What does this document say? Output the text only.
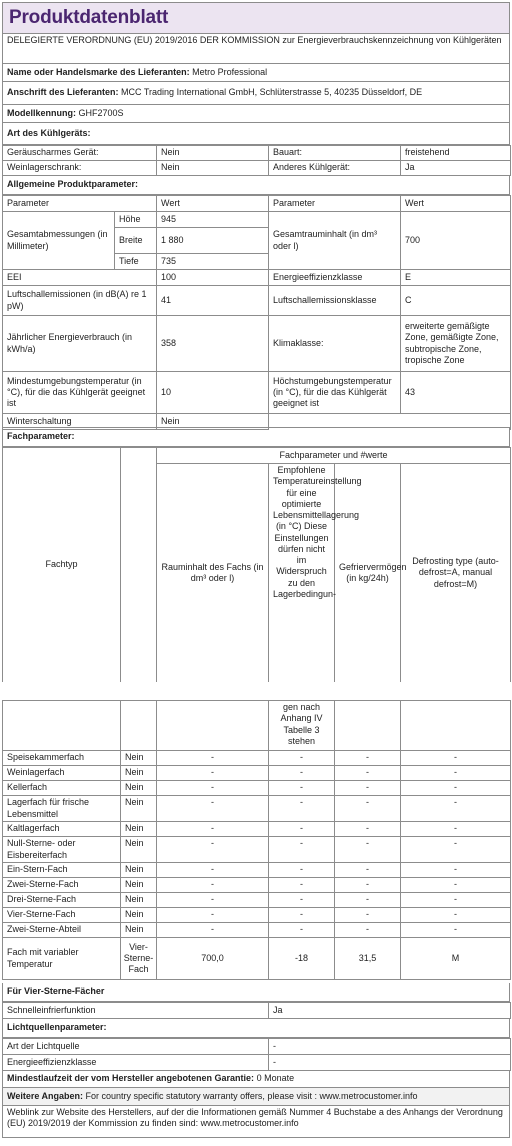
Produktdatenblatt
DELEGIERTE VERORDNUNG (EU) 2019/2016 DER KOMMISSION zur Energieverbrauchskennzeichnung von Kühlgeräten
Name oder Handelsmarke des Lieferanten:
Metro Professional
Anschrift des Lieferanten:
MCC Trading International GmbH, Schlüterstrasse 5, 40235 Düsseldorf, DE
Modellkennung:
GHF2700S
Art des Kühlgeräts:
Geräuscharmes Gerät:	Nein	Bauart:	freistehend
Weinlagerschrank:	Nein	Anderes Kühlgerät:	Ja
Allgemeine Produktparameter:
Parameter		Wert	Parameter	Wert
Gesamtabmessungen (in Millimeter)	Höhe	945	Gesamtrauminhalt (in dm³ oder l)	700
	Breite	1 880		
	Tiefe	735		
EEI		100	Energieeffizienzklasse	E
Luftschallemissionen (in dB(A) re 1 pW)		41	Luftschallemissionsklasse	C
Jährlicher Energieverbrauch (in kWh/a)		358	Klimaklasse:	erweiterte gemäßigte Zone, gemäßigte Zone, subtropische Zone, tropische Zone
Mindestumgebungstemperatur (in °C), für die das Kühlgerät geeignet ist		10	Höchstumgebungstemperatur (in °C), für die das Kühlgerät geeignet ist	43
Winterschaltung		Nein		
Fachparameter:
Fachtyp		Fachparameter und #werte			
		Rauminhalt des Fachs (in dm³ oder l)	Empfohlene Temperatureinstellung für eine optimierte Lebensmittellagerung (in °C) Diese Einstellungen dürfen nicht im Widerspruch zu den Lagerbedingun-	Gefriervermögen (in kg/24h)	Defrosting type (auto-defrost=A, manual defrost=M)
			gen nach Anhang IV Tabelle 3 stehen		
Speisekammerfach	Nein	-	-	-	-
Weinlagerfach	Nein	-	-	-	-
Kellerfach	Nein	-	-	-	-
Lagerfach für frische Lebensmittel	Nein	-	-	-	-
Kaltlagerfach	Nein	-	-	-	-
Null-Sterne- oder Eisbereiterfach	Nein	-	-	-	-
Ein-Stern-Fach	Nein	-	-	-	-
Zwei-Sterne-Fach	Nein	-	-	-	-
Drei-Sterne-Fach	Nein	-	-	-	-
Vier-Sterne-Fach	Nein	-	-	-	-
Zwei-Sterne-Abteil	Nein	-	-	-	-
Fach mit variabler Temperatur	Vier-Sterne-Fach	700,0	-18	31,5	M
Für Vier-Sterne-Fächer
Schnelleinfrierfunktion	Ja
Lichtquellenparameter:
Art der Lichtquelle	-
Energieeffizienzklasse	-
Mindestlaufzeit der vom Hersteller angebotenen Garantie:
0 Monate
Weitere Angaben:
For country specific statutory warranty offers, please visit : www.metrocustomer.info
Weblink zur Website des Herstellers, auf der die Informationen gemäß Nummer 4 Buchstabe a des Anhangs der Verordnung (EU) 2019/2019 der Kommission zu finden sind: www.metrocustomer.info
